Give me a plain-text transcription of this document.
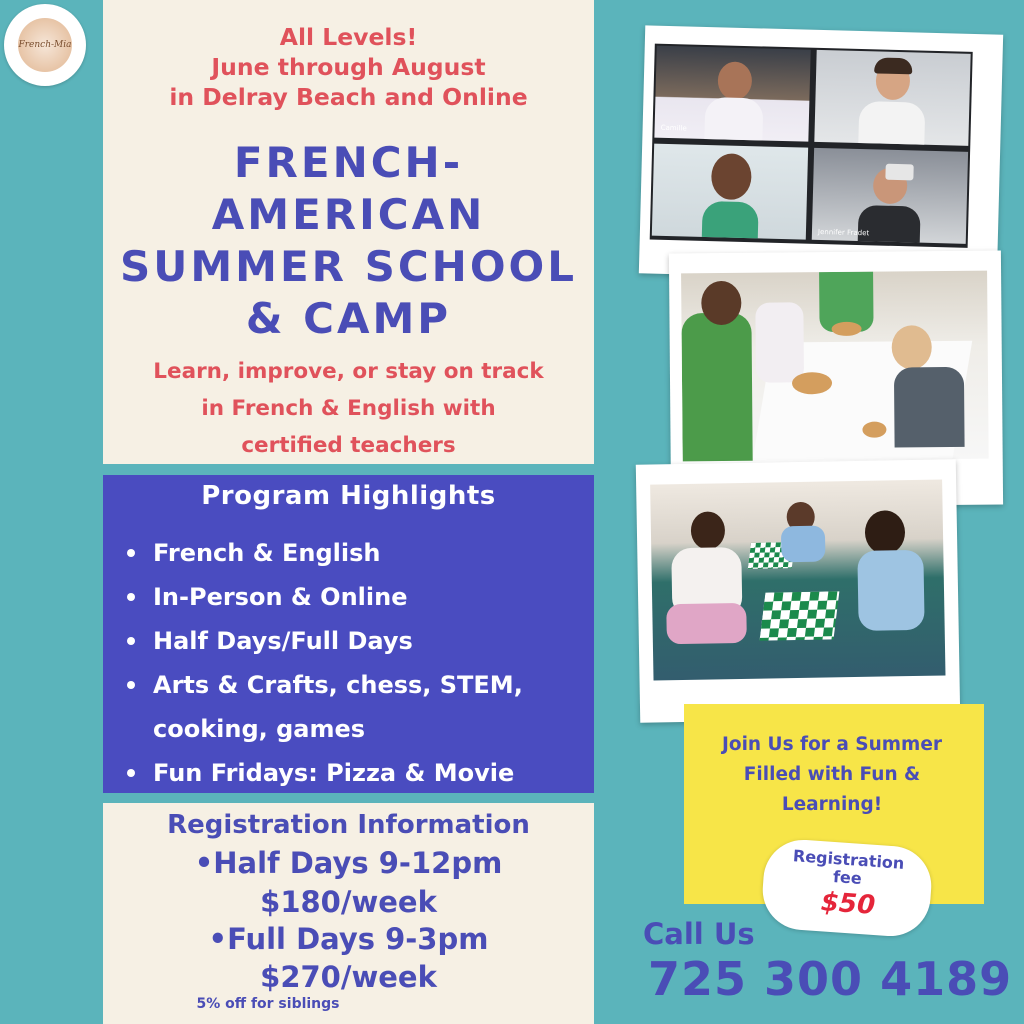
French-Mia	All Levels!
June through August
in Delray Beach and Online
FRENCH-
AMERICAN
SUMMER SCHOOL
& CAMP
Learn, improve, or stay on track
in French & English with
certified teachers
Program Highlights
French & English
In-Person & Online
Half Days/Full Days
Arts & Crafts, chess, STEM,
cooking, games
Fun Fridays: Pizza & Movie
Registration Information
•Half Days 9-12pm
$180/week
•Full Days 9-3pm
$270/week
5% off for siblings
Camille
Jennifer Fradet
Join Us for a Summer
Filled with Fun &
Learning!
Registration
fee
$50
Call Us
725 300 4189
